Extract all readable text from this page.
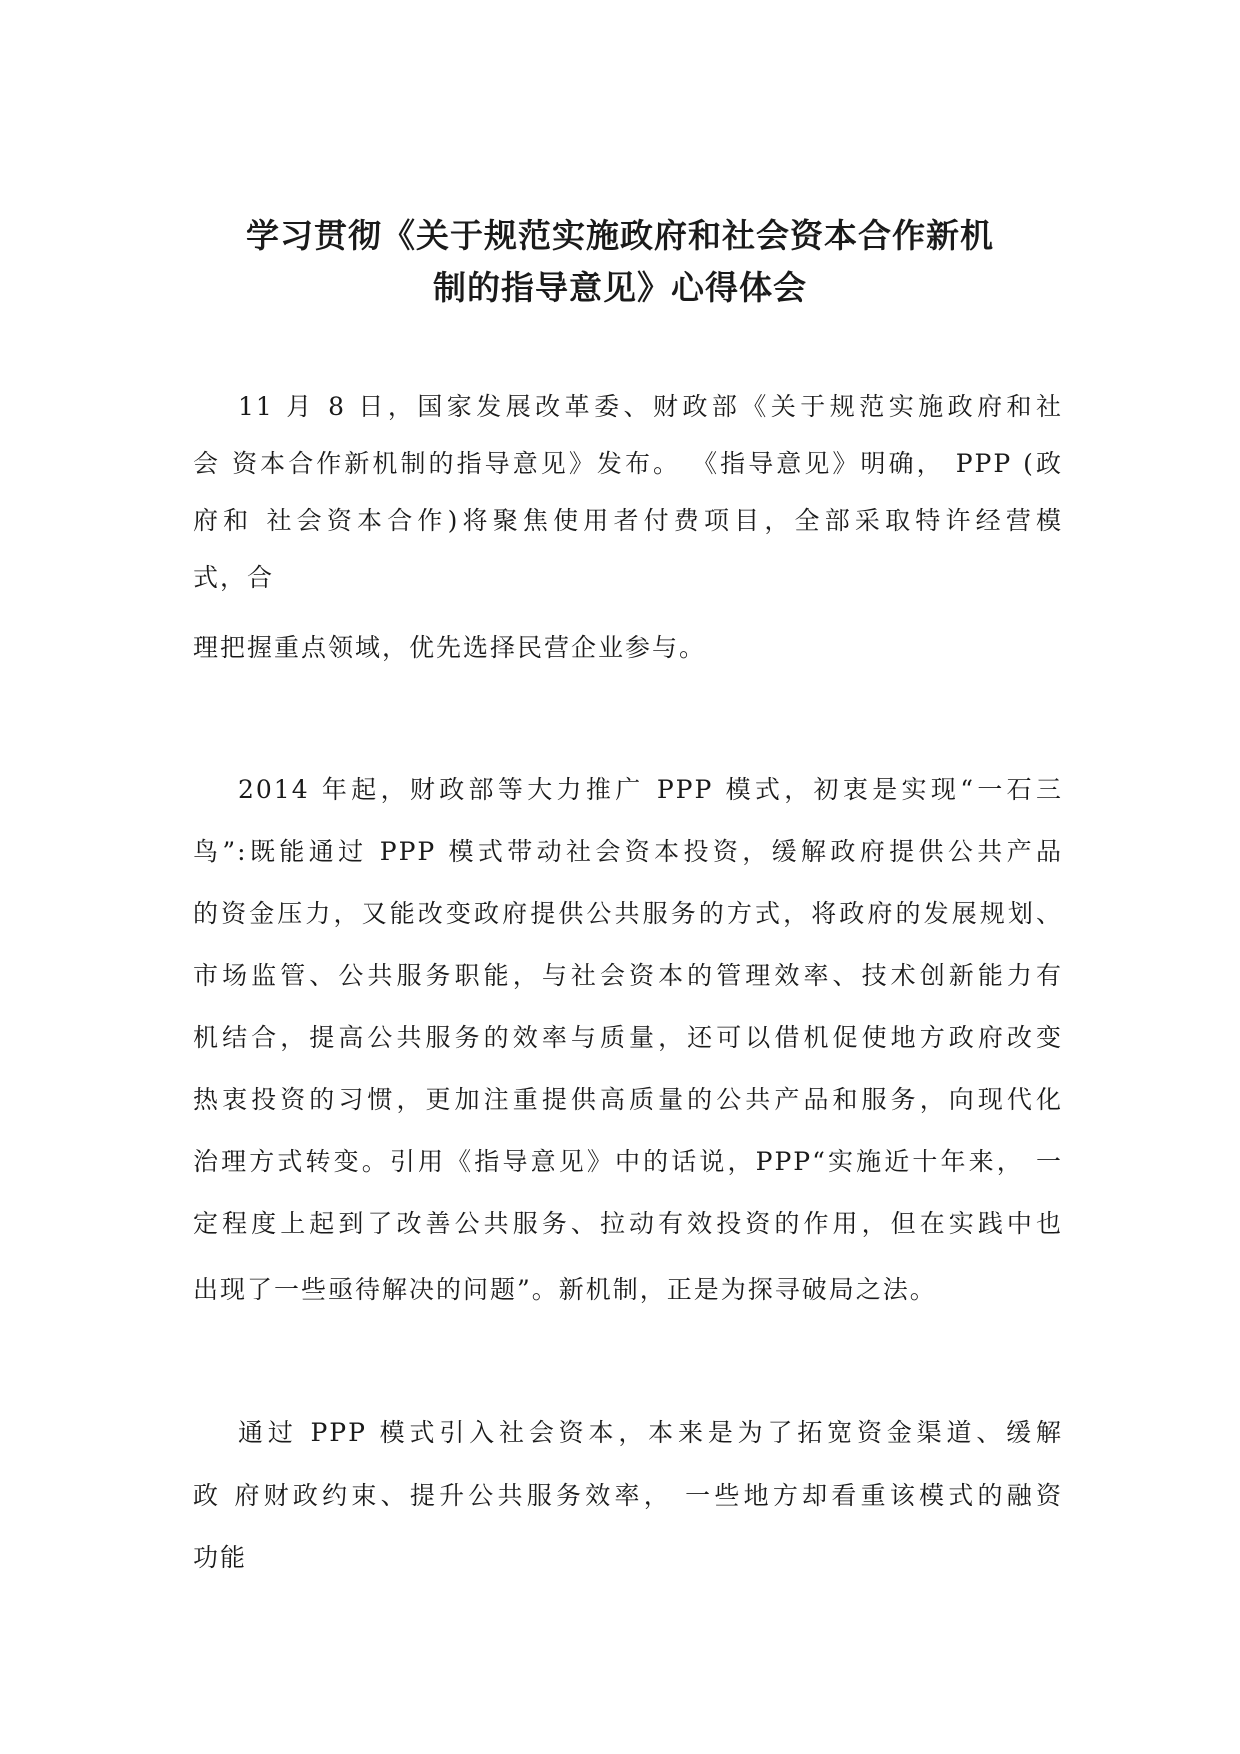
学习贯彻《关于规范实施政府和社会资本合作新机
制的指导意见》心得体会

11 月 8 日，国家发展改革委、财政部《关于规范实施政府和社

会 资本合作新机制的指导意见》发布。 《指导意见》明确， PPP (政

府和 社会资本合作)将聚焦使用者付费项目，全部采取特许经营模

式，合

理把握重点领域，优先选择民营企业参与。

2014 年起，财政部等大力推广 PPP 模式，初衷是实现“一石三

鸟”:既能通过 PPP 模式带动社会资本投资，缓解政府提供公共产品

的资金压力，又能改变政府提供公共服务的方式，将政府的发展规划、

市场监管、公共服务职能，与社会资本的管理效率、技术创新能力有

机结合，提高公共服务的效率与质量，还可以借机促使地方政府改变

热衷投资的习惯，更加注重提供高质量的公共产品和服务，向现代化

治理方式转变。引用《指导意见》中的话说，PPP“实施近十年来， 一

定程度上起到了改善公共服务、拉动有效投资的作用，但在实践中也

出现了一些亟待解决的问题”。新机制，正是为探寻破局之法。

通过 PPP 模式引入社会资本，本来是为了拓宽资金渠道、缓解

政 府财政约束、提升公共服务效率， 一些地方却看重该模式的融资

功能
